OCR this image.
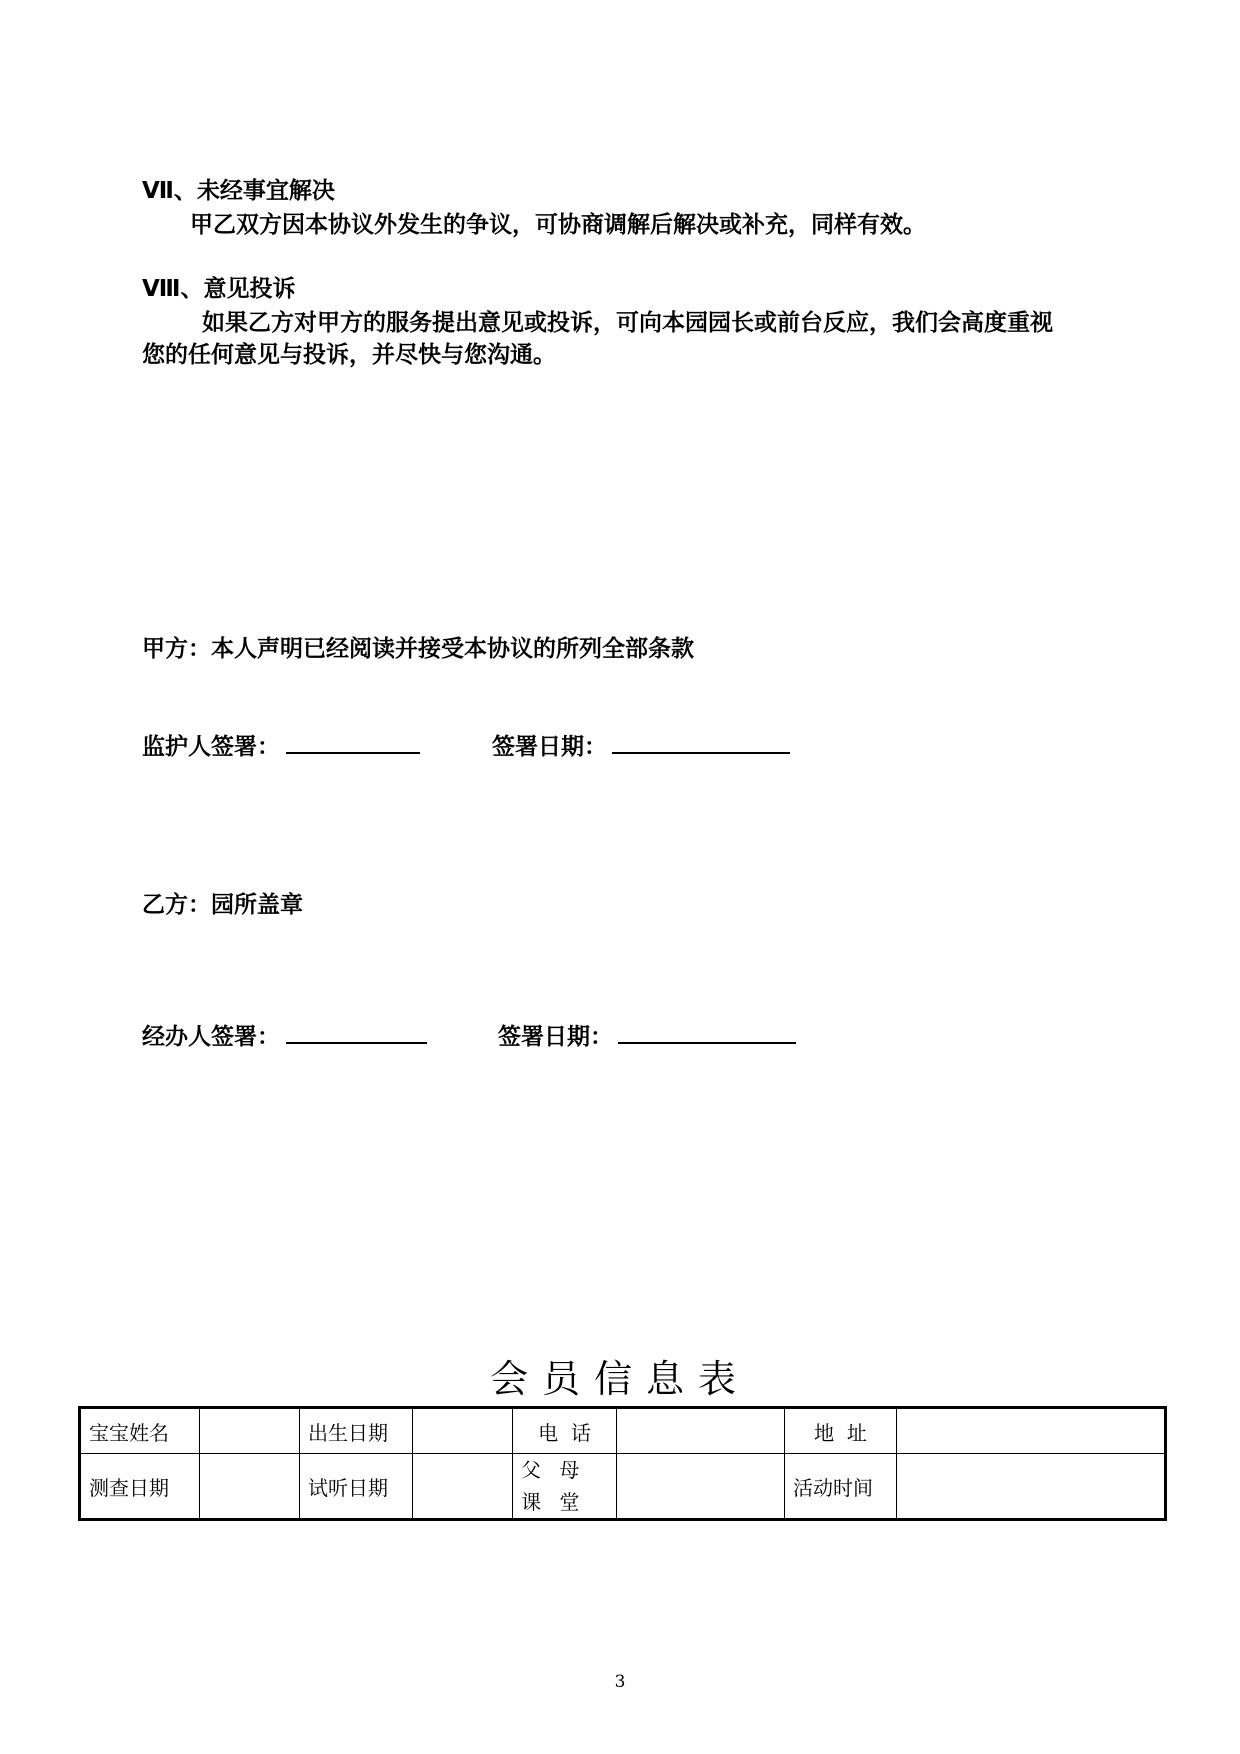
Ⅶ、未经事宜解决
甲乙双方因本协议外发生的争议，可协商调解后解决或补充，同样有效。
Ⅷ、意见投诉
如果乙方对甲方的服务提出意见或投诉，可向本园园长或前台反应，我们会高度重视
您的任何意见与投诉，并尽快与您沟通。
甲方：本人声明已经阅读并接受本协议的所列全部条款
监护人签署：	签署日期：
乙方：园所盖章
经办人签署：	签署日期：
会员信息表
宝宝姓名		出生日期		电  话		地  址	
测查日期		试听日期		父 母 课 堂		活动时间	
3
